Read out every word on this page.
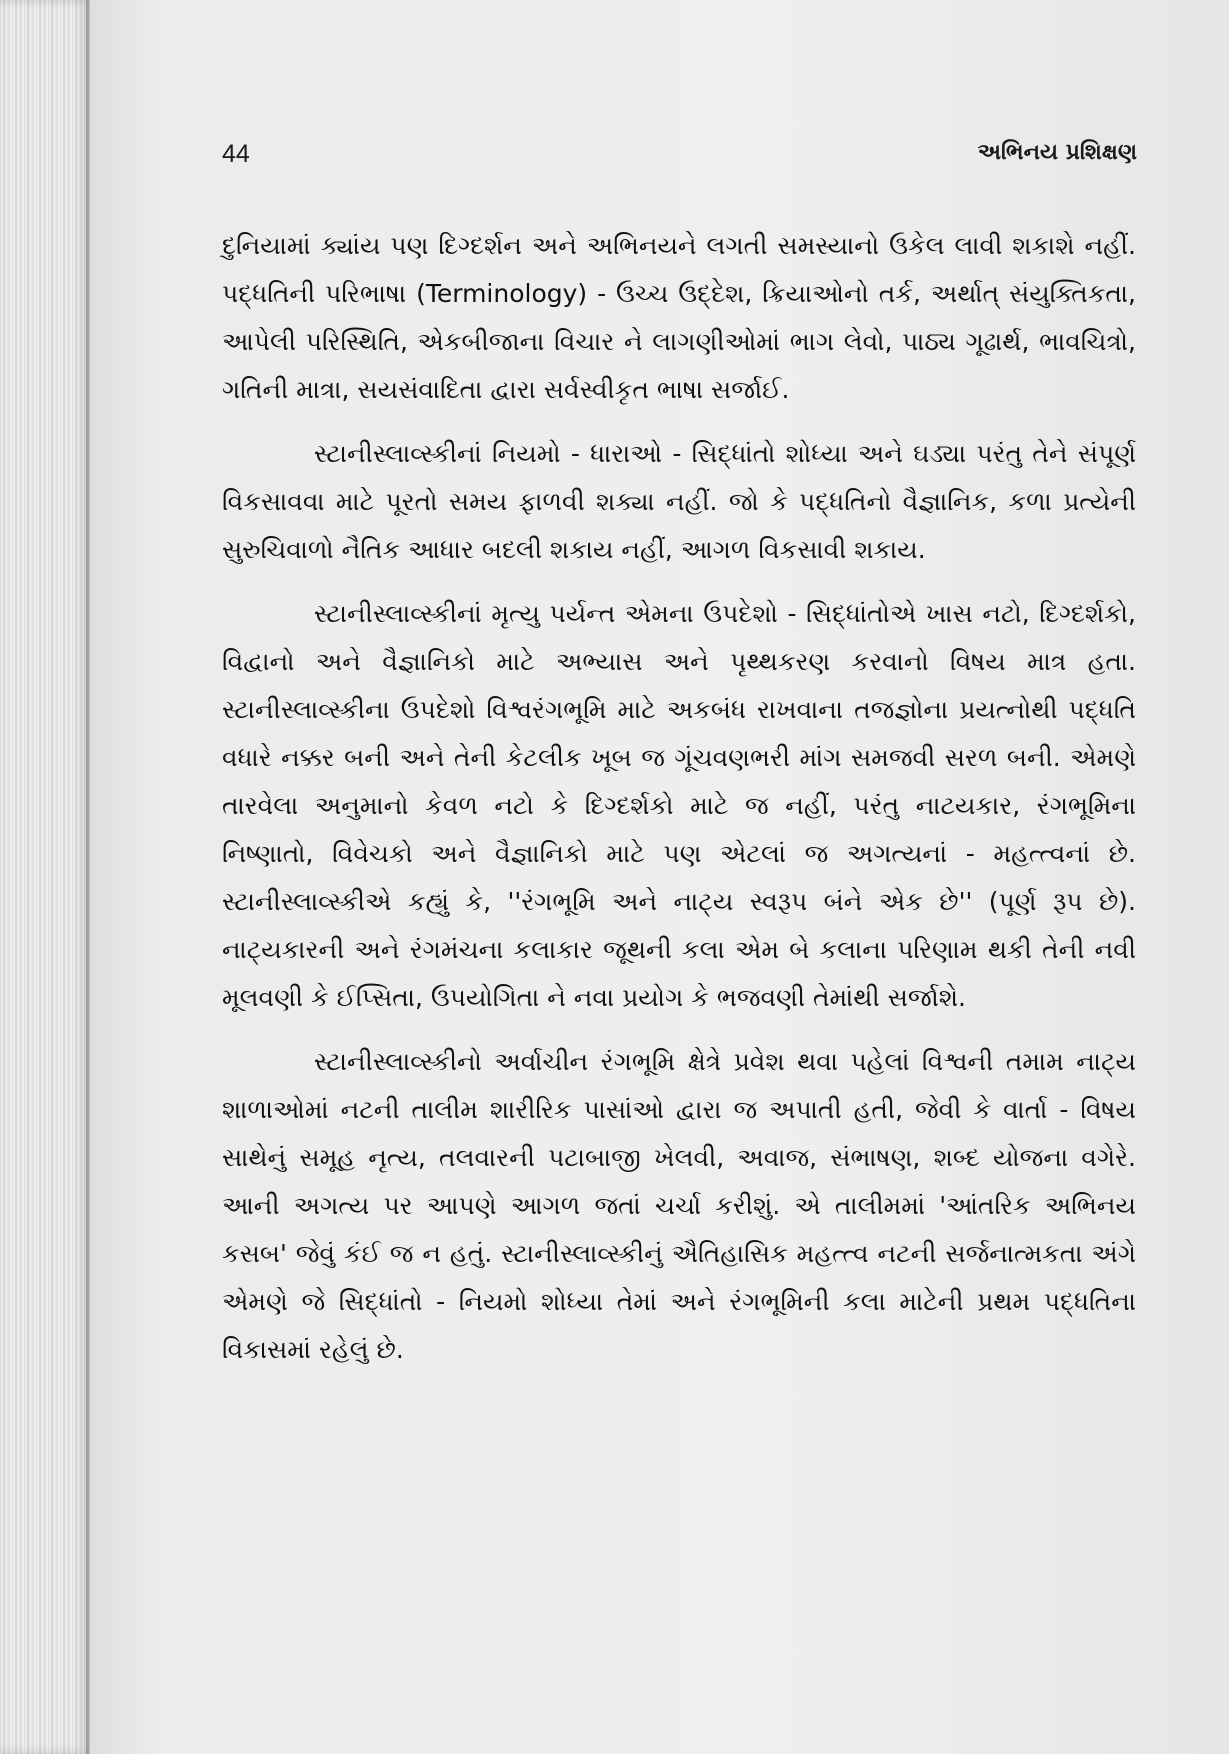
44	અભિનય પ્રશિક્ષણ

દુનિયામાં ક્યાંય પણ દિગ્દર્શન અને અભિનયને લગતી સમસ્યાનો ઉકેલ લાવી શકાશે નહીં. પદ્ધતિની પરિભાષા (Terminology) - ઉચ્ચ ઉદ્દેશ, ક્રિયાઓનો તર્ક, અર્થાત્ સંયુક્તિકતા, આપેલી પરિસ્થિતિ, એકબીજાના વિચાર ને લાગણીઓમાં ભાગ લેવો, પાઠ્ય ગૂઢાર્થ, ભાવચિત્રો, ગતિની માત્રા, સયસંવાદિતા દ્વારા સર્વસ્વીકૃત ભાષા સર્જાઈ.

સ્ટાનીસ્લાવ્સ્કીનાં નિયમો - ધારાઓ - સિદ્ધાંતો શોધ્યા અને ઘડ્યા પરંતુ તેને સંપૂર્ણ વિકસાવવા માટે પૂરતો સમય ફાળવી શક્યા નહીં. જો કે પદ્ધતિનો વૈજ્ઞાનિક, કળા પ્રત્યેની સુરુચિવાળો નૈતિક આધાર બદલી શકાય નહીં, આગળ વિકસાવી શકાય.

સ્ટાનીસ્લાવ્સ્કીનાં મૃત્યુ પર્યન્ત એમના ઉપદેશો - સિદ્ધાંતોએ ખાસ નટો, દિગ્દર્શકો, વિદ્વાનો અને વૈજ્ઞાનિકો માટે અભ્યાસ અને પૃથ્થકરણ કરવાનો વિષય માત્ર હતા. સ્ટાનીસ્લાવ્સ્કીના ઉપદેશો વિશ્વરંગભૂમિ માટે અકબંધ રાખવાના તજજ્ઞોના પ્રયત્નોથી પદ્ધતિ વધારે નક્કર બની અને તેની કેટલીક ખૂબ જ ગૂંચવણભરી માંગ સમજવી સરળ બની. એમણે તારવેલા અનુમાનો કેવળ નટો કે દિગ્દર્શકો માટે જ નહીં, પરંતુ નાટયકાર, રંગભૂમિના નિષ્ણાતો, વિવેચકો અને વૈજ્ઞાનિકો માટે પણ એટલાં જ અગત્યનાં - મહત્ત્વનાં છે. સ્ટાનીસ્લાવ્સ્કીએ કહ્યું કે, ''રંગભૂમિ અને નાટ્ય સ્વરૂપ બંને એક છે'' (પૂર્ણ રૂપ છે). નાટ્યકારની અને રંગમંચના કલાકાર જૂથની કલા એમ બે કલાના પરિણામ થકી તેની નવી મૂલવણી કે ઈપ્સિતા, ઉપયોગિતા ને નવા પ્રયોગ કે ભજવણી તેમાંથી સર્જાશે.

સ્ટાનીસ્લાવ્સ્કીનો અર્વાચીન રંગભૂમિ ક્ષેત્રે પ્રવેશ થવા પહેલાં વિશ્વની તમામ નાટ્ય શાળાઓમાં નટની તાલીમ શારીરિક પાસાંઓ દ્વારા જ અપાતી હતી, જેવી કે વાર્તા - વિષય સાથેનું સમૂહ નૃત્ય, તલવારની પટાબાજી ખેલવી, અવાજ, સંભાષણ, શબ્દ યોજના વગેરે. આની અગત્ય પર આપણે આગળ જતાં ચર્ચા કરીશું. એ તાલીમમાં 'આંતરિક અભિનય કસબ' જેવું કંઈ જ ન હતું. સ્ટાનીસ્લાવ્સ્કીનું ઐતિહાસિક મહત્ત્વ નટની સર્જનાત્મકતા અંગે એમણે જે સિદ્ધાંતો - નિયમો શોધ્યા તેમાં અને રંગભૂમિની કલા માટેની પ્રથમ પદ્ધતિના વિકાસમાં રહેલું છે.
